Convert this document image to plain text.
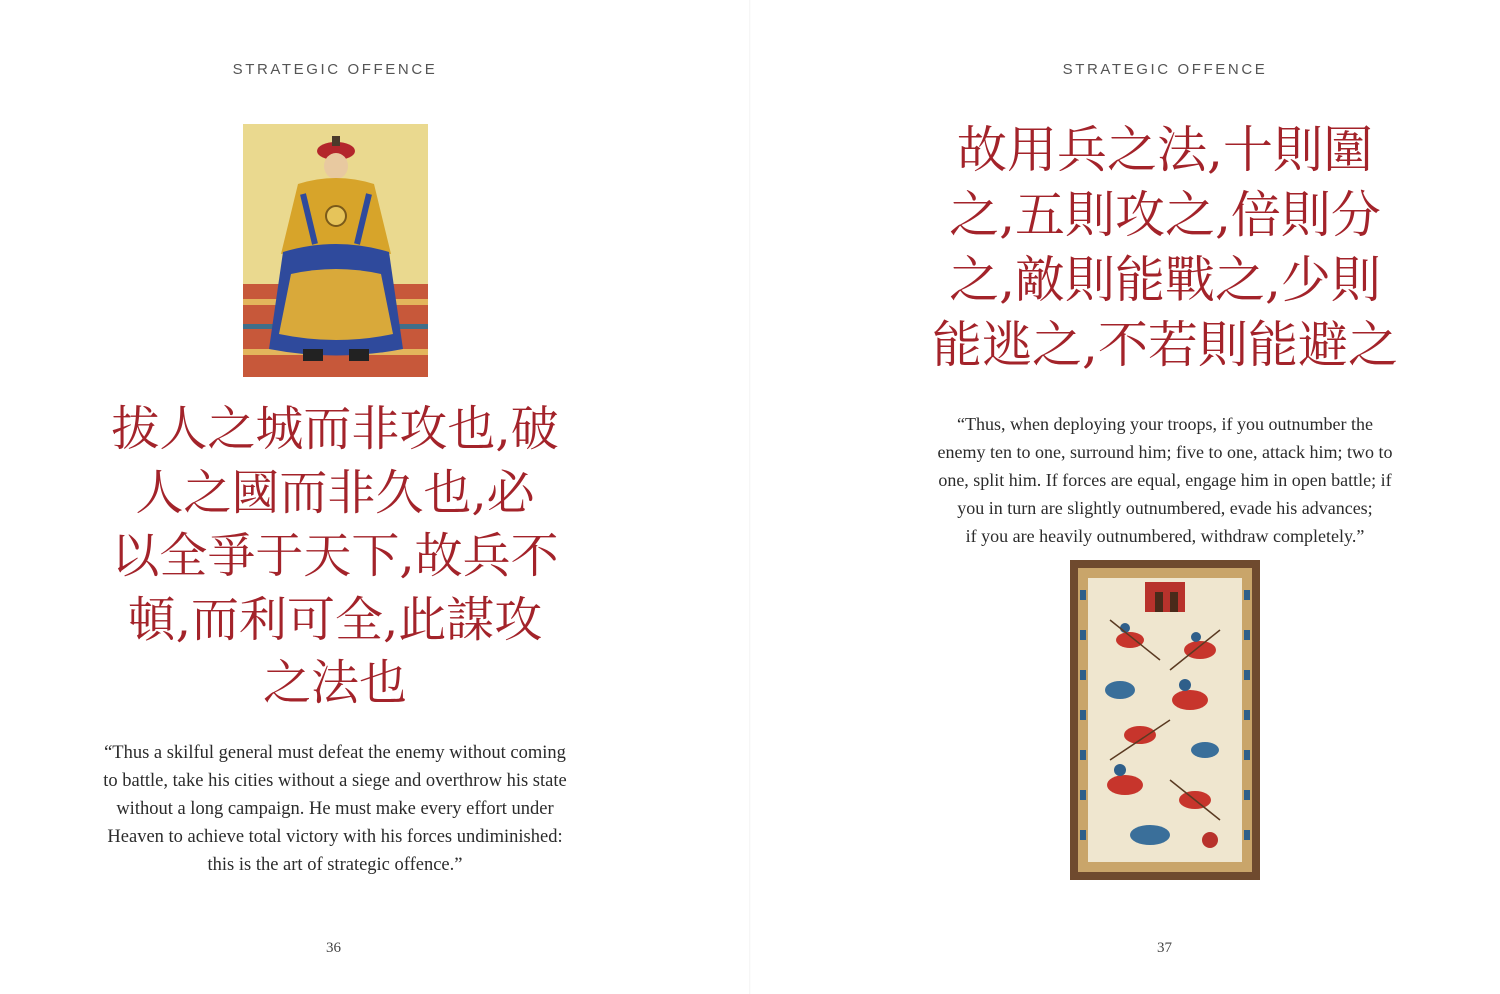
STRATEGIC OFFENCE
拔人之城而非攻也,破
人之國而非久也,必
以全爭于天下,故兵不
頓,而利可全,此謀攻
之法也
“Thus a skilful general must defeat the enemy without coming
to battle, take his cities without a siege and overthrow his state
without a long campaign. He must make every effort under
Heaven to achieve total victory with his forces undiminished:
this is the art of strategic offence.”
36
STRATEGIC OFFENCE
故用兵之法,十則圍
之,五則攻之,倍則分
之,敵則能戰之,少則
能逃之,不若則能避之
“Thus, when deploying your troops, if you outnumber the
enemy ten to one, surround him; five to one, attack him; two to
one, split him. If forces are equal, engage him in open battle; if
you in turn are slightly outnumbered, evade his advances;
if you are heavily outnumbered, withdraw completely.”
37
